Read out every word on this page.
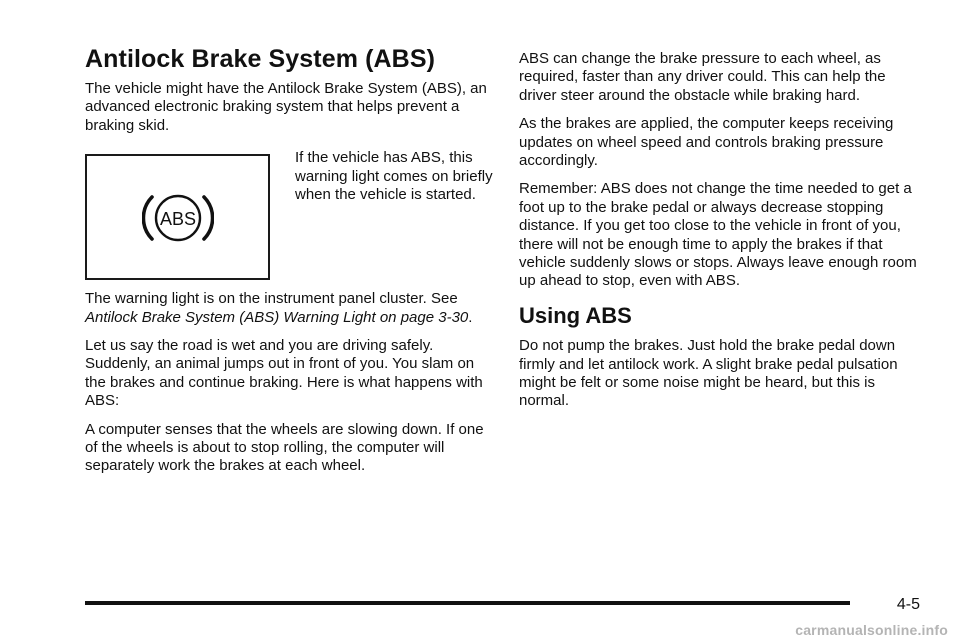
Antilock Brake System (ABS)

The vehicle might have the Antilock Brake System (ABS), an advanced electronic braking system that helps prevent a braking skid.

ABS
If the vehicle has ABS, this warning light comes on briefly when the vehicle is started.

The warning light is on the instrument panel cluster. See Antilock Brake System (ABS) Warning Light on page 3-30.

Let us say the road is wet and you are driving safely. Suddenly, an animal jumps out in front of you. You slam on the brakes and continue braking. Here is what happens with ABS:

A computer senses that the wheels are slowing down. If one of the wheels is about to stop rolling, the computer will separately work the brakes at each wheel.

ABS can change the brake pressure to each wheel, as required, faster than any driver could. This can help the driver steer around the obstacle while braking hard.

As the brakes are applied, the computer keeps receiving updates on wheel speed and controls braking pressure accordingly.

Remember: ABS does not change the time needed to get a foot up to the brake pedal or always decrease stopping distance. If you get too close to the vehicle in front of you, there will not be enough time to apply the brakes if that vehicle suddenly slows or stops. Always leave enough room up ahead to stop, even with ABS.

Using ABS

Do not pump the brakes. Just hold the brake pedal down firmly and let antilock work. A slight brake pedal pulsation might be felt or some noise might be heard, but this is normal.

4-5
carmanualsonline.info
